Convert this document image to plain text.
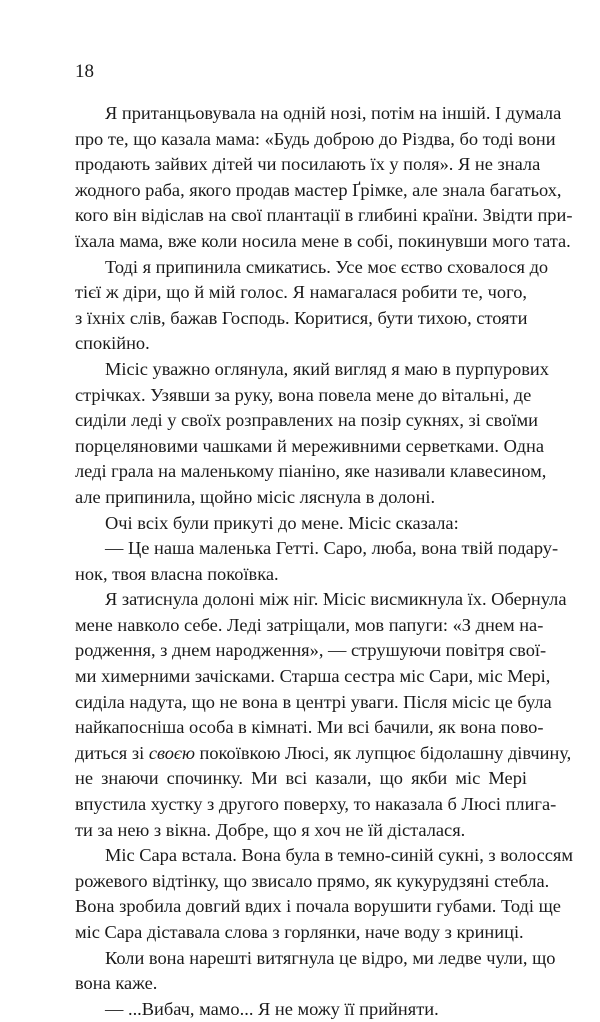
18
Я пританцьовувала на одній нозі, потім на іншій. І думала
про те, що казала мама: «Будь доброю до Різдва, бо тоді вони
продають зайвих дітей чи посилають їх у поля». Я не знала
жодного раба, якого продав мастер Ґрімке, але знала багатьох,
кого він відіслав на свої плантації в глибині країни. Звідти при-
їхала мама, вже коли носила мене в собі, покинувши мого тата.
Тоді я припинила смикатись. Усе моє єство сховалося до
тієї ж діри, що й мій голос. Я намагалася робити те, чого,
з їхніх слів, бажав Господь. Коритися, бути тихою, стояти
спокійно.
Місіс уважно оглянула, який вигляд я маю в пурпурових
стрічках. Узявши за руку, вона повела мене до вітальні, де
сиділи леді у своїх розправлених на позір сукнях, зі своїми
порцеляновими чашками й мереживними серветками. Одна
леді грала на маленькому піаніно, яке називали клавесином,
але припинила, щойно місіс ляснула в долоні.
Очі всіх були прикуті до мене. Місіс сказала:
— Це наша маленька Гетті. Саро, люба, вона твій подару-
нок, твоя власна покоївка.
Я затиснула долоні між ніг. Місіс висмикнула їх. Обернула
мене навколо себе. Леді затріщали, мов папуги: «З днем на-
родження, з днем народження», — струшуючи повітря свої-
ми химерними зачісками. Старша сестра міс Сари, міс Мері,
сиділа надута, що не вона в центрі уваги. Після місіс це була
найкапосніша особа в кімнаті. Ми всі бачили, як вона пово-
диться зі своєю покоївкою Люсі, як лупцює бідолашну дівчину,
не знаючи спочинку. Ми всі казали, що якби міс Мері
впустила хустку з другого поверху, то наказала б Люсі плига-
ти за нею з вікна. Добре, що я хоч не їй дісталася.
Міс Сара встала. Вона була в темно-синій сукні, з волоссям
рожевого відтінку, що звисало прямо, як кукурудзяні стебла.
Вона зробила довгий вдих і почала ворушити губами. Тоді ще
міс Сара діставала слова з горлянки, наче воду з криниці.
Коли вона нарешті витягнула це відро, ми ледве чули, що
вона каже.
— ...Вибач, мамо... Я не можу її прийняти.
